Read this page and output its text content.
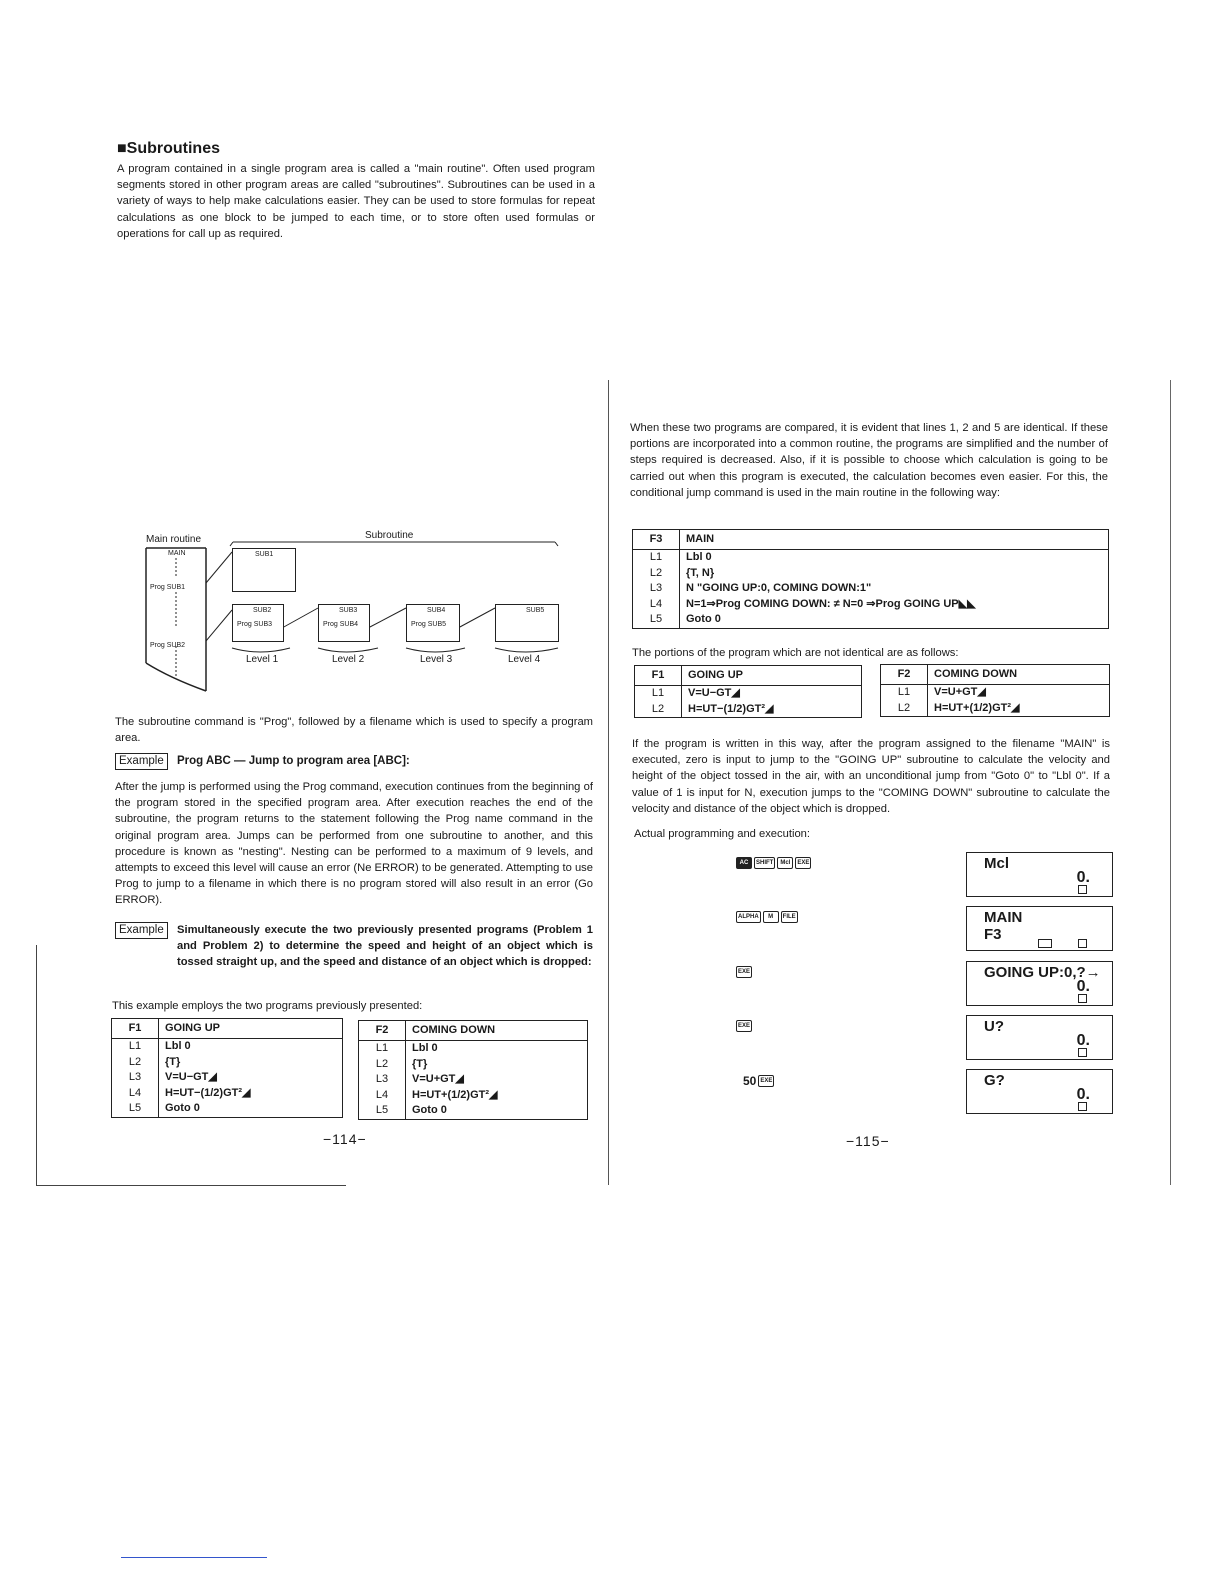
■Subroutines
A program contained in a single program area is called a "main routine". Often used program segments stored in other program areas are called "subroutines". Subroutines can be used in a variety of ways to help make calculations easier. They can be used to store formulas for repeat calculations as one block to be jumped to each time, or to store often used formulas or operations for call up as required.
Main routine	Subroutine
MAIN
Prog SUB1
Prog SUB2
SUB1
SUB2
Prog SUB3
SUB3
Prog SUB4
SUB4
Prog SUB5
SUB5
Level 1	Level 2	Level 3	Level 4
The subroutine command is "Prog", followed by a filename which is used to specify a program area.
Example Prog ABC — Jump to program area [ABC]:
After the jump is performed using the Prog command, execution continues from the beginning of the program stored in the specified program area. After execution reaches the end of the subroutine, the program returns to the statement following the Prog name command in the original program area. Jumps can be performed from one subroutine to another, and this procedure is known as "nesting". Nesting can be performed to a maximum of 9 levels, and attempts to exceed this level will cause an error (Ne ERROR) to be generated. Attempting to use Prog to jump to a filename in which there is no program stored will also result in an error (Go ERROR).
Example	Simultaneously execute the two previously presented programs (Problem 1 and Problem 2) to determine the speed and height of an object which is tossed straight up, and the speed and distance of an object which is dropped:
This example employs the two programs previously presented:
F1	GOING UP
L1	Lbl 0
L2	{T}
L3	V=U−GT◢
L4	H=UT−(1/2)GT²◢
L5	Goto 0
F2	COMING DOWN
L1	Lbl 0
L2	{T}
L3	V=U+GT◢
L4	H=UT+(1/2)GT²◢
L5	Goto 0
−114−
When these two programs are compared, it is evident that lines 1, 2 and 5 are identical. If these portions are incorporated into a common routine, the programs are simplified and the number of steps required is decreased. Also, if it is possible to choose which calculation is going to be carried out when this program is executed, the calculation becomes even easier. For this, the conditional jump command is used in the main routine in the following way:
F3	MAIN
L1	Lbl 0
L2	{T, N}
L3	N "GOING UP:0, COMING DOWN:1"
L4	N=1⇒Prog COMING DOWN: ≠ N=0 ⇒Prog GOING UP◣◣
L5	Goto 0
The portions of the program which are not identical are as follows:
F1	GOING UP
L1	V=U−GT◢
L2	H=UT−(1/2)GT²◢
F2	COMING DOWN
L1	V=U+GT◢
L2	H=UT+(1/2)GT²◢
If the program is written in this way, after the program assigned to the filename "MAIN" is executed, zero is input to jump to the "GOING UP" subroutine to calculate the velocity and height of the object tossed in the air, with an unconditional jump from "Goto 0" to "Lbl 0". If a value of 1 is input for N, execution jumps to the "COMING DOWN" subroutine to calculate the velocity and distance of the object which is dropped.
Actual programming and execution:
AC	SHIFT	Mcl	EXE	Mcl
0.
ALPHA	M	FILE	MAIN
F3
EXE	GOING UP:0,?→
0.
EXE	U?
0.
50 EXE	G?
0.
−115−
